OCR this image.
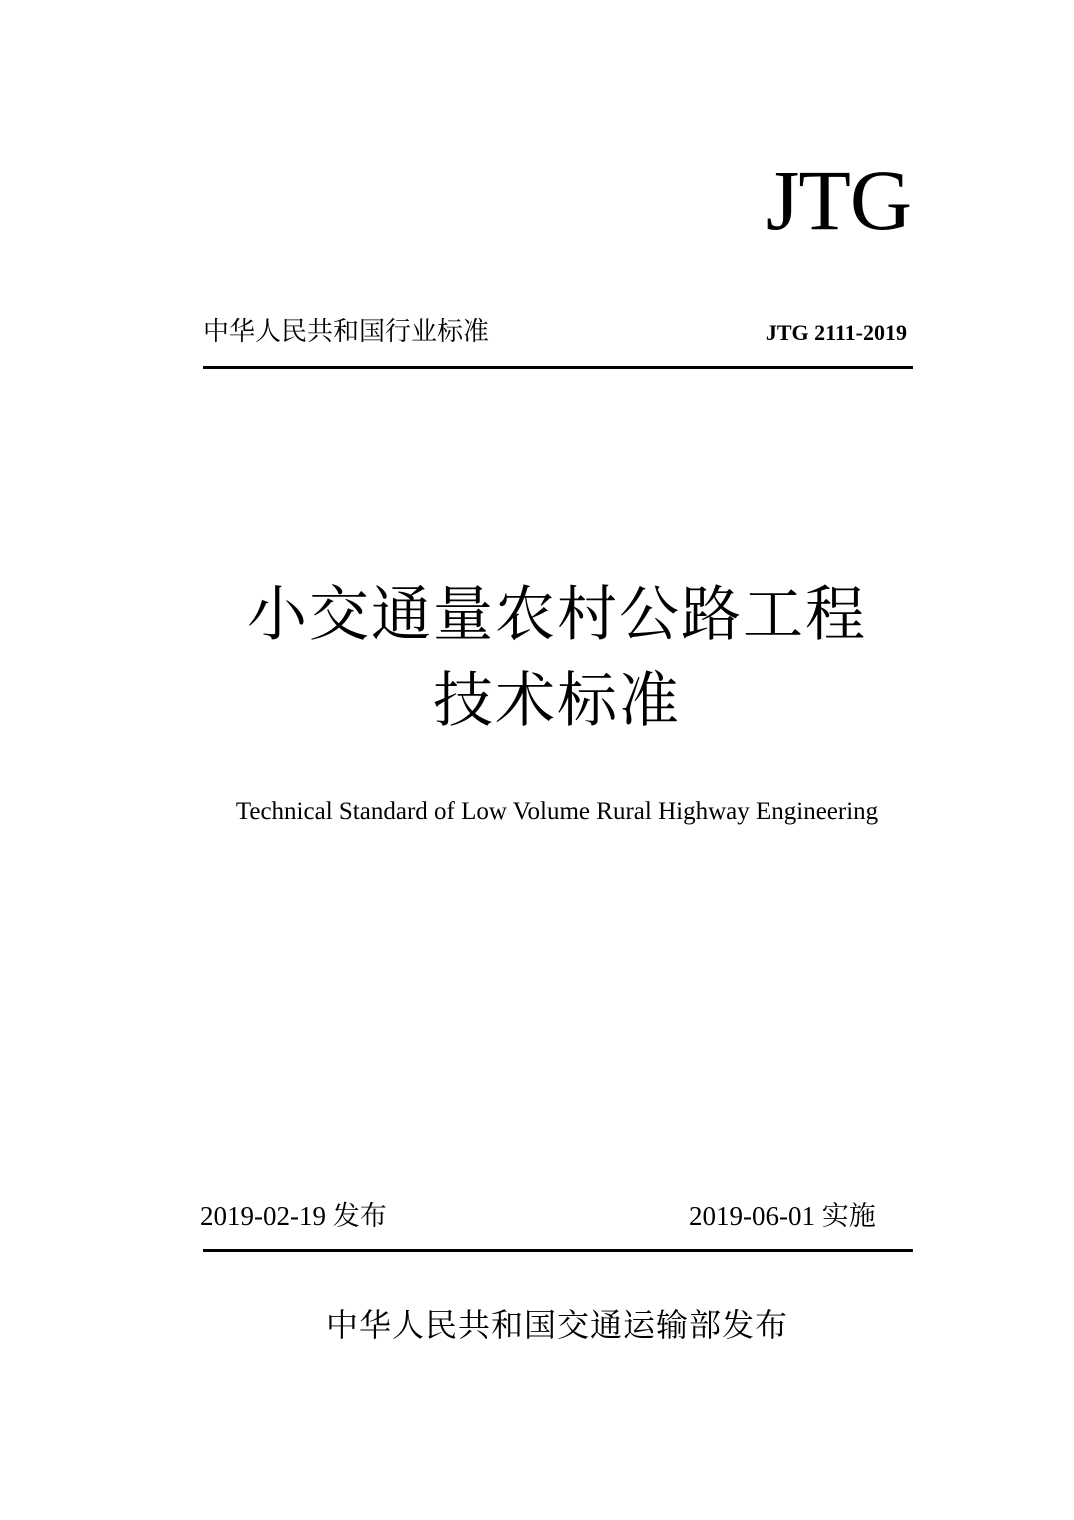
JTG
中华人民共和国行业标准	JTG 2111-2019
小交通量农村公路工程
技术标准
Technical Standard of Low Volume Rural Highway Engineering
2019-02-19 发布	2019-06-01 实施
中华人民共和国交通运输部发布
